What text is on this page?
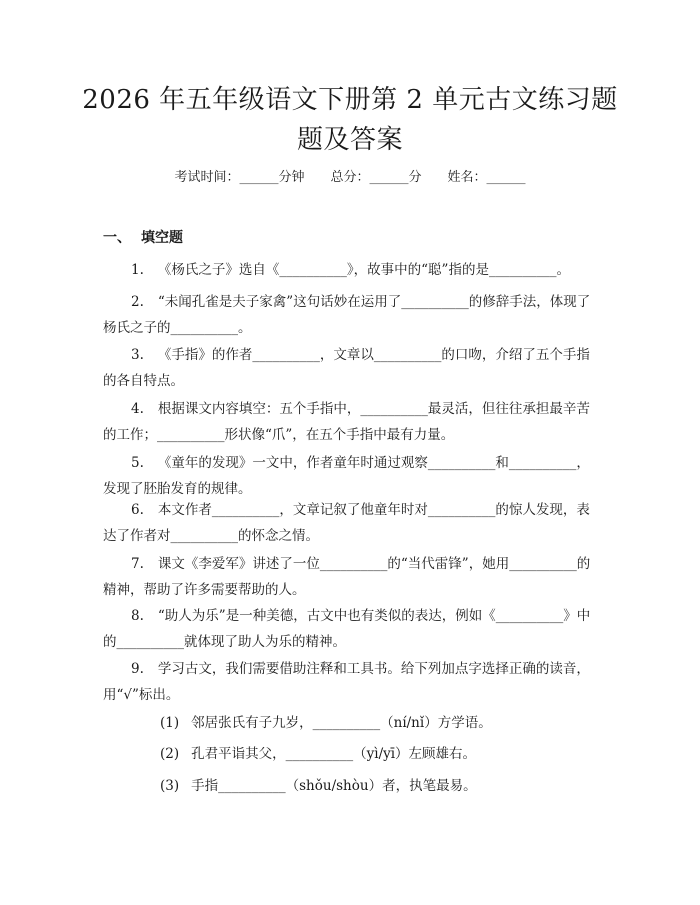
2026 年五年级语文下册第 2 单元古文练习题
题及答案
考试时间：______分钟 总分：______分 姓名：______
一、 填空题
1. 《杨氏之子》选自《__________》，故事中的“聪”指的是__________。
2. “未闻孔雀是夫子家禽”这句话妙在运用了__________的修辞手法，体现了杨氏之子的__________。
3. 《手指》的作者__________，文章以__________的口吻，介绍了五个手指的各自特点。
4. 根据课文内容填空：五个手指中，__________最灵活，但往往承担最辛苦的工作；__________形状像“爪”，在五个手指中最有力量。
5. 《童年的发现》一文中，作者童年时通过观察__________和__________，发现了胚胎发育的规律。
6. 本文作者__________，文章记叙了他童年时对__________的惊人发现，表达了作者对__________的怀念之情。
7. 课文《李爱军》讲述了一位__________的“当代雷锋”，她用__________的精神，帮助了许多需要帮助的人。
8. “助人为乐”是一种美德，古文中也有类似的表达，例如《__________》中的__________就体现了助人为乐的精神。
9. 学习古文，我们需要借助注释和工具书。给下列加点字选择正确的读音，用“√”标出。
(1) 邻居张氏有子九岁，__________（ní/nǐ）方学语。
(2) 孔君平诣其父，__________（yì/yī）左顾雄右。
(3) 手指__________（shǒu/shòu）者，执笔最易。
